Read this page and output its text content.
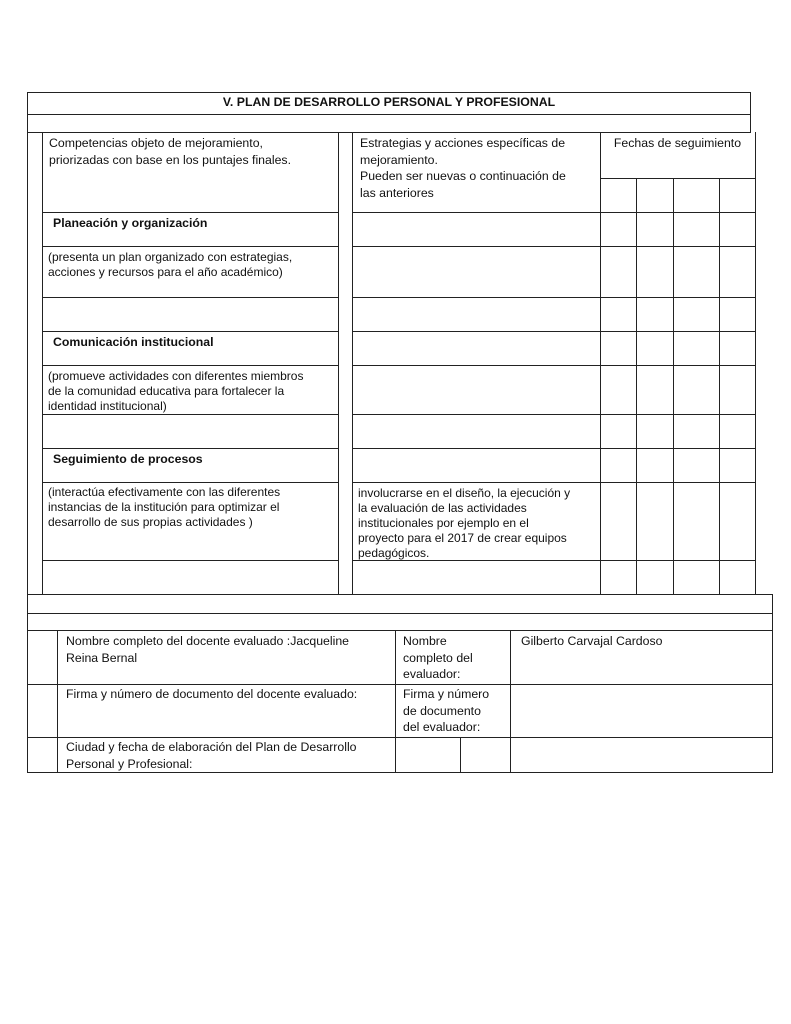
V. PLAN DE DESARROLLO PERSONAL Y PROFESIONAL
Competencias objeto de mejoramiento,
priorizadas con base en los puntajes finales.
Estrategias y acciones específicas de
mejoramiento.
Pueden ser nuevas o continuación de
las anteriores
Fechas de seguimiento
Planeación y organización
(presenta un plan organizado con estrategias,
acciones y recursos para el año académico)
Comunicación institucional
(promueve actividades con diferentes miembros
de la comunidad educativa para fortalecer la
identidad institucional)
Seguimiento de procesos
(interactúa efectivamente con las diferentes
instancias de la institución para optimizar el
desarrollo de sus propias actividades )
involucrarse en el diseño, la ejecución y
la evaluación de las actividades
institucionales por ejemplo en el
proyecto para el 2017 de crear equipos
pedagógicos.
Nombre completo del docente evaluado :Jacqueline
Reina Bernal
Nombre
completo del
evaluador:
Gilberto Carvajal Cardoso
Firma y número de documento del docente evaluado:	Firma y número
de documento
del evaluador:
Ciudad y fecha de elaboración del Plan de Desarrollo
Personal y Profesional:
